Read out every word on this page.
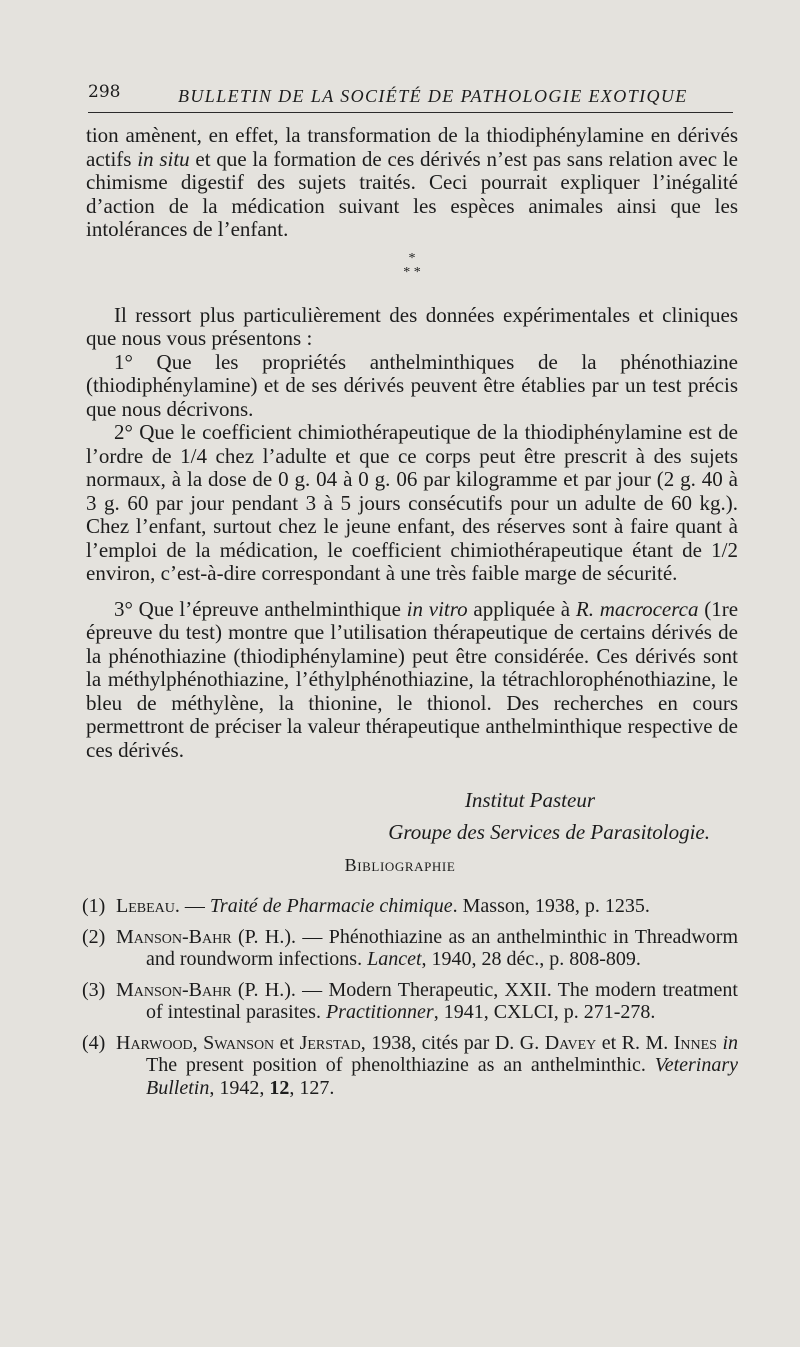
298	BULLETIN DE LA SOCIÉTÉ DE PATHOLOGIE EXOTIQUE

tion amènent, en effet, la transformation de la thiodiphénylamine en dérivés actifs in situ et que la formation de ces dérivés n’est pas sans relation avec le chimisme digestif des sujets traités. Ceci pourrait expliquer l’inégalité d’action de la médication suivant les espèces animales ainsi que les intolérances de l’enfant.

*
* *

Il ressort plus particulièrement des données expérimentales et cliniques que nous vous présentons :

1° Que les propriétés anthelminthiques de la phénothiazine (thiodiphénylamine) et de ses dérivés peuvent être établies par un test précis que nous décrivons.

2° Que le coefficient chimiothérapeutique de la thiodiphénylamine est de l’ordre de 1/4 chez l’adulte et que ce corps peut être prescrit à des sujets normaux, à la dose de 0 g. 04 à 0 g. 06 par kilogramme et par jour (2 g. 40 à 3 g. 60 par jour pendant 3 à 5 jours consécutifs pour un adulte de 60 kg.). Chez l’enfant, surtout chez le jeune enfant, des réserves sont à faire quant à l’emploi de la médication, le coefficient chimiothérapeutique étant de 1/2 environ, c’est-à-dire correspondant à une très faible marge de sécurité.

3° Que l’épreuve anthelminthique in vitro appliquée à R. macrocerca (1re épreuve du test) montre que l’utilisation thérapeutique de certains dérivés de la phénothiazine (thiodiphénylamine) peut être considérée. Ces dérivés sont la méthylphénothiazine, l’éthylphénothiazine, la tétrachlorophénothiazine, le bleu de méthylène, la thionine, le thionol. Des recherches en cours permettront de préciser la valeur thérapeutique anthelminthique respective de ces dérivés.

Institut Pasteur
Groupe des Services de Parasitologie.
Bibliographie
(1) Lebeau. — Traité de Pharmacie chimique. Masson, 1938, p. 1235.
(2) Manson-Bahr (P. H.). — Phénothiazine as an anthelminthic in Threadworm and roundworm infections. Lancet, 1940, 28 déc., p. 808-809.
(3) Manson-Bahr (P. H.). — Modern Therapeutic, XXII. The modern treatment of intestinal parasites. Practitionner, 1941, CXLCI, p. 271-278.
(4) Harwood, Swanson et Jerstad, 1938, cités par D. G. Davey et R. M. Innes in The present position of phenolthiazine as an anthelminthic. Veterinary Bulletin, 1942, 12, 127.
